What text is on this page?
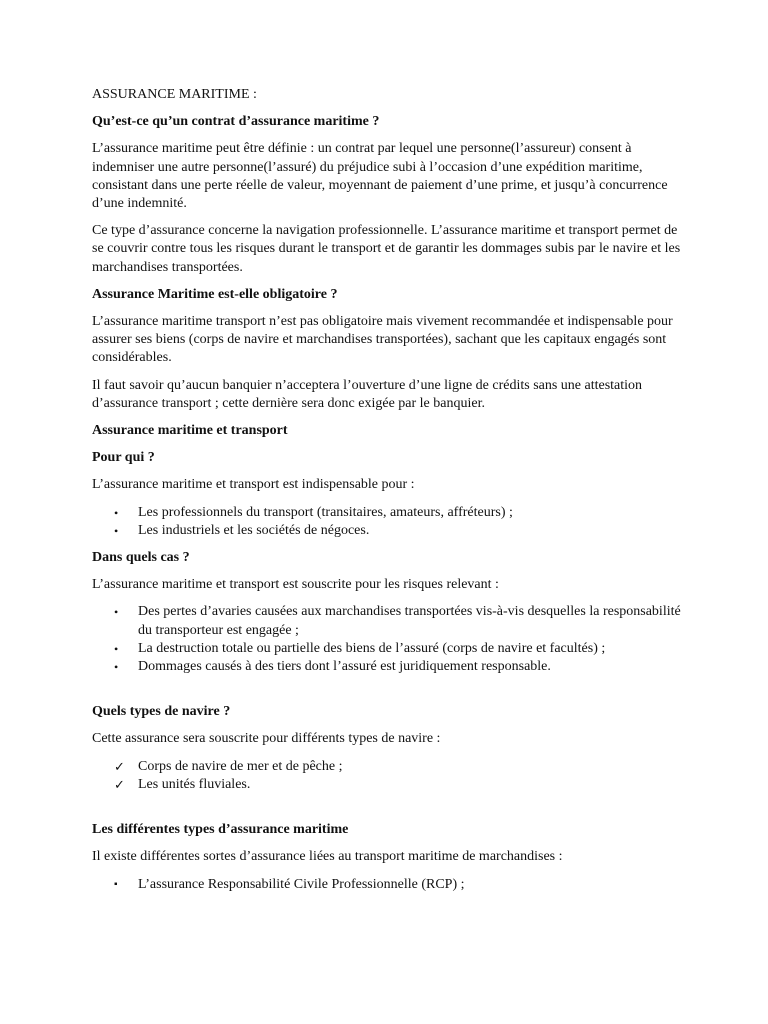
ASSURANCE MARITIME :

Qu’est-ce qu’un contrat d’assurance maritime ?

L’assurance maritime peut être définie : un contrat par lequel une personne(l’assureur) consent à indemniser une autre personne(l’assuré) du préjudice subi à l’occasion d’une expédition maritime, consistant dans une perte réelle de valeur, moyennant de paiement d’une prime, et jusqu’à concurrence d’une indemnité.

Ce type d’assurance concerne la navigation professionnelle. L’assurance maritime et transport permet de se couvrir contre tous les risques durant le transport et de garantir les dommages subis par le navire et les marchandises transportées.

Assurance Maritime est-elle obligatoire ?

L’assurance maritime transport n’est pas obligatoire mais vivement recommandée et indispensable pour assurer ses biens (corps de navire et marchandises transportées), sachant que les capitaux engagés sont considérables.

Il faut savoir qu’aucun banquier n’acceptera l’ouverture d’une ligne de crédits sans une attestation d’assurance transport ; cette dernière sera donc exigée par le banquier.

Assurance maritime et transport

Pour qui ?

L’assurance maritime et transport est indispensable pour :

• Les professionnels du transport (transitaires, amateurs, affréteurs) ;
• Les industriels et les sociétés de négoces.

Dans quels cas ?

L’assurance maritime et transport est souscrite pour les risques relevant :

• Des pertes d’avaries causées aux marchandises transportées vis-à-vis desquelles la responsabilité du transporteur est engagée ;
• La destruction totale ou partielle des biens de l’assuré (corps de navire et facultés) ;
• Dommages causés à des tiers dont l’assuré est juridiquement responsable.

Quels types de navire ?

Cette assurance sera souscrite pour différents types de navire :

✓ Corps de navire de mer et de pêche ;
✓ Les unités fluviales.

Les différentes types d’assurance maritime

Il existe différentes sortes d’assurance liées au transport maritime de marchandises :

▪ L’assurance Responsabilité Civile Professionnelle (RCP) ;
